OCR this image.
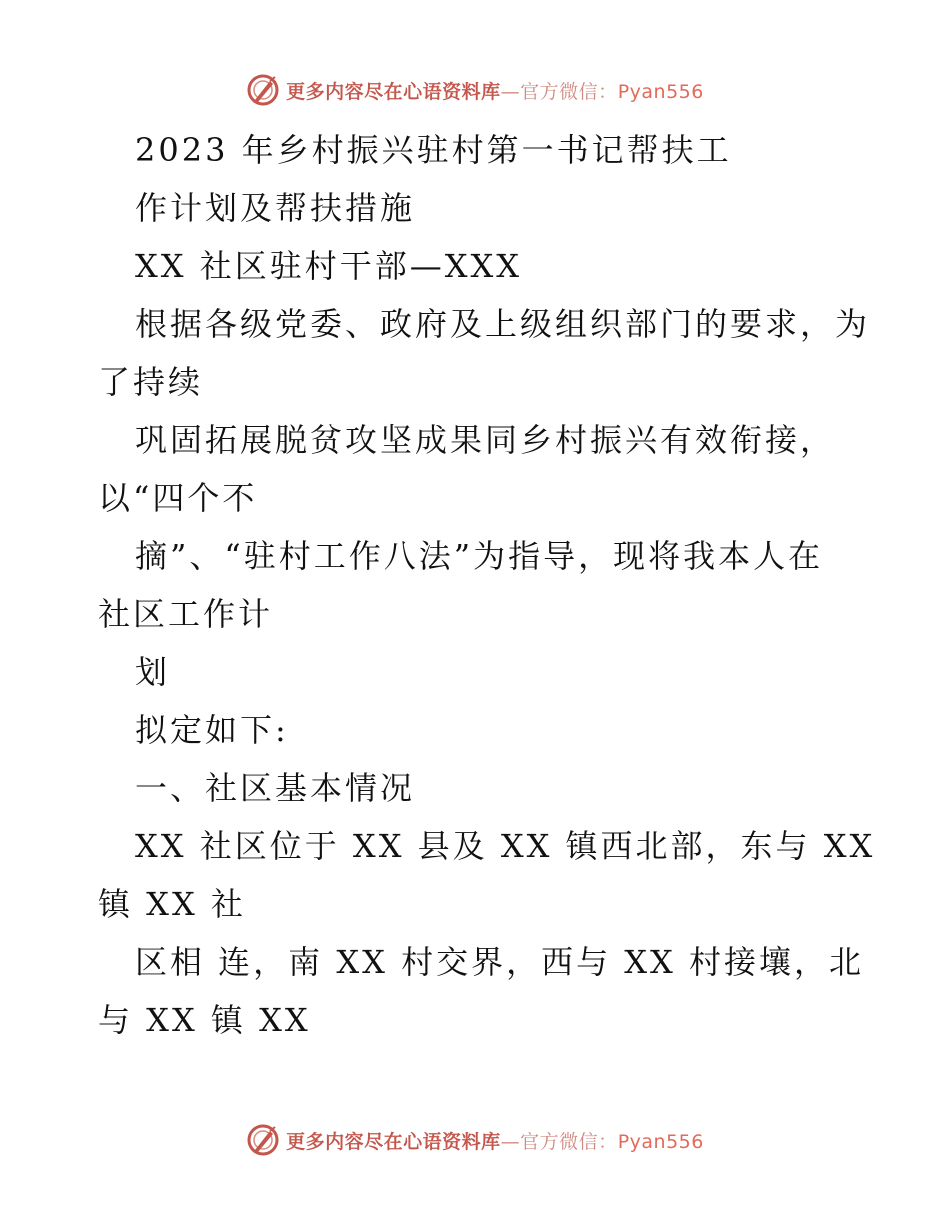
更多内容尽在心语资料库—官方微信：Pyan556
2023 年乡村振兴驻村第一书记帮扶工
作计划及帮扶措施
XX 社区驻村干部—XXX
根据各级党委、政府及上级组织部门的要求，为
了持续
巩固拓展脱贫攻坚成果同乡村振兴有效衔接，
以“四个不
摘”、“驻村工作八法”为指导，现将我本人在
社区工作计
划
拟定如下:
一、社区基本情况
XX 社区位于 XX 县及 XX 镇西北部，东与 XX
镇 XX 社
区相 连，南 XX 村交界，西与 XX 村接壤，北
与 XX 镇 XX
更多内容尽在心语资料库—官方微信：Pyan556
